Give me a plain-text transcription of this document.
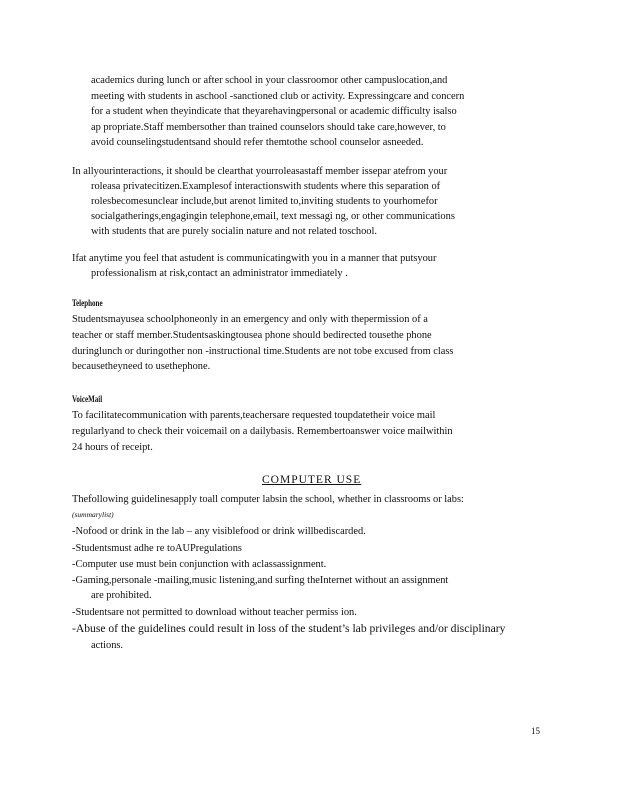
academics during lunch or after school in your classroomor other campuslocation,and
meeting with students in aschool -sanctioned club or activity. Expressingcare and concern
for a student when theyindicate that theyarehavingpersonal or academic difficulty isalso
ap propriate.Staff membersother than trained counselors should take care,however, to
avoid counselingstudentsand should refer themtothe school counselor asneeded.
In allyourinteractions, it should be clearthat yourroleasastaff member issepar atefrom your
roleasa privatecitizen.Examplesof interactionswith students where this separation of
rolesbecomesunclear include,but arenot limited to,inviting students to yourhomefor
socialgatherings,engagingin telephone,email, text messagi ng, or other communications
with students that are purely socialin nature and not related toschool.
Ifat anytime you feel that astudent is communicatingwith you in a manner that putsyour
professionalism at risk,contact an administrator immediately .
Telephone
Studentsmayusea schoolphoneonly in an emergency and only with thepermission of a
teacher or staff member.Studentsaskingtousea phone should bedirected tousethe phone
duringlunch or duringother non -instructional time.Students are not tobe excused from class
becausetheyneed to usethephone.
VoiceMail
To facilitatecommunication with parents,teachersare requested toupdatetheir voice mail
regularlyand to check their voicemail on a dailybasis. Remembertoanswer voice mailwithin
24 hours of receipt.
COMPUTER USE
Thefollowing guidelinesapply toall computer labsin the school, whether in classrooms or labs:
(summarylist)
-Nofood or drink in the lab – any visiblefood or drink willbediscarded.
-Studentsmust adhe re toAUPregulations
-Computer use must bein conjunction with aclassassignment.
-Gaming,personale -mailing,music listening,and surfing theInternet without an assignment
are prohibited.
-Studentsare not permitted to download without teacher permiss ion.
-Abuse of the guidelines could result in loss of the student’s lab privileges and/or disciplinary
actions.
15
